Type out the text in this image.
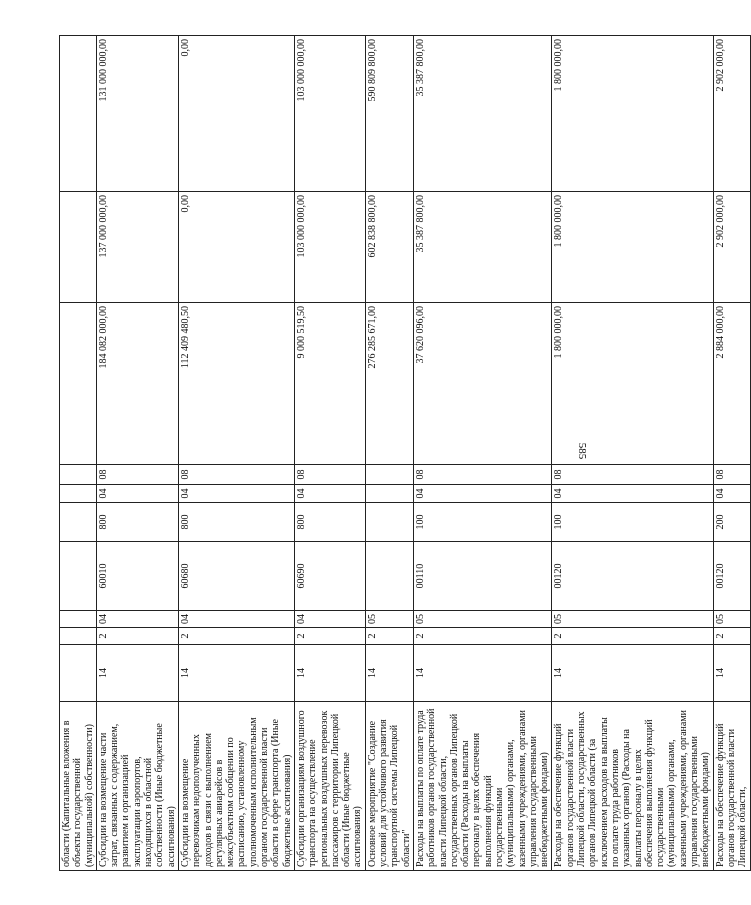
585
области (Капитальные вложения в объекты государственной (муниципальной) собственности)										
Субсидии на возмещение части затрат, связанных с содержанием, развитием и организацией эксплуатации аэропортов, находящихся в областной собственности (Иные бюджетные ассигнования)	14	2	04	60010	800	04	08	184 082 000,00	137 000 000,00	131 000 000,00
Субсидии на возмещение перевозчикам недополученных доходов в связи с выполнением регулярных авиарейсов в межсубъектном сообщении по расписанию, установленному уполномоченным исполнительным органом государственной власти области в сфере транспорта (Иные бюджетные ассигнования)	14	2	04	60680	800	04	08	112 409 480,50	0,00	0,00
Субсидии организациям воздушного транспорта на осуществление региональных воздушных перевозок пассажиров с территории Липецкой области (Иные бюджетные ассигнования)	14	2	04	60690	800	04	08	9 000 519,50	103 000 000,00	103 000 000,00
Основное мероприятие "Создание условий для устойчивого развития транспортной системы Липецкой области"	14	2	05					276 285 671,00	602 838 800,00	590 809 800,00
Расходы на выплаты по оплате труда работников органов государственной власти Липецкой области, государственных органов Липецкой области (Расходы на выплаты персоналу в целях обеспечения выполнения функций государственными (муниципальными) органами, казенными учреждениями, органами управления государственными внебюджетными фондами)	14	2	05	00110	100	04	08	37 620 096,00	35 387 800,00	35 387 800,00
Расходы на обеспечение функций органов государственной власти Липецкой области, государственных органов Липецкой области (за исключением расходов на выплаты по оплате труда работников указанных органов) (Расходы на выплаты персоналу в целях обеспечения выполнения функций государственными (муниципальными) органами, казенными учреждениями, органами управления государственными внебюджетными фондами)	14	2	05	00120	100	04	08	1 800 000,00	1 800 000,00	1 800 000,00
Расходы на обеспечение функций органов государственной власти Липецкой области,	14	2	05	00120	200	04	08	2 884 000,00	2 902 000,00	2 902 000,00
